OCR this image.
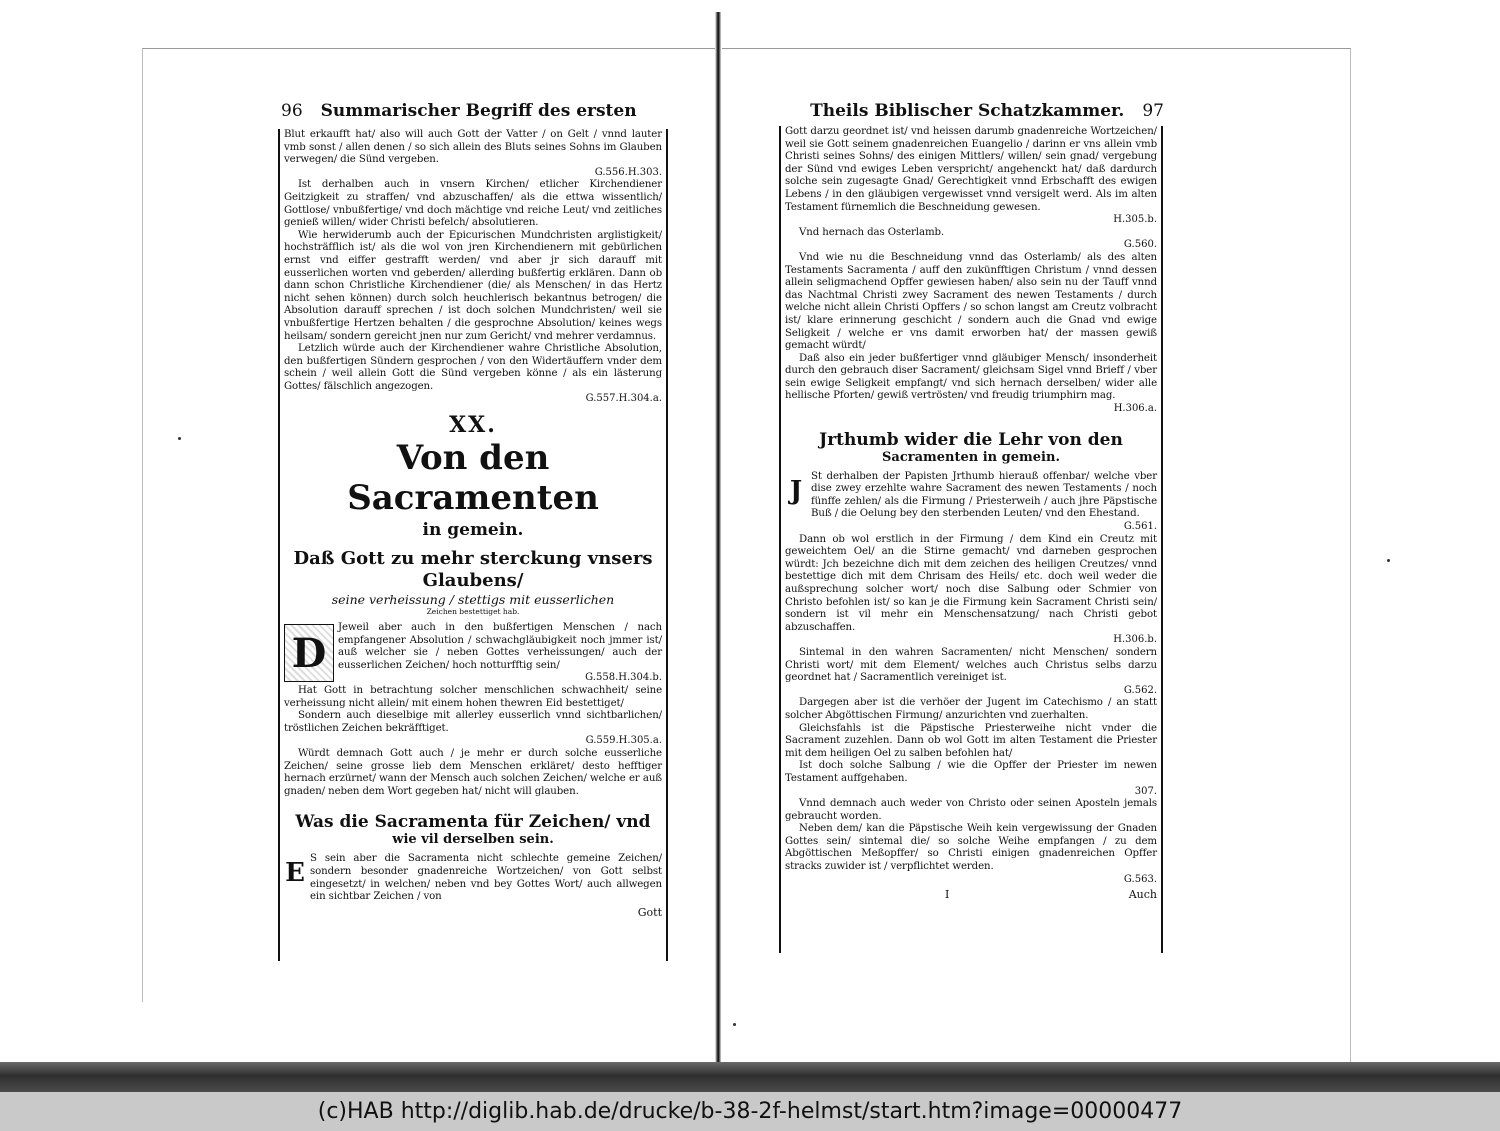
96 Summarischer Begriff des ersten

Blut erkaufft hat/ also will auch Gott der Vatter / on Gelt / vnnd lauter vmb sonst / allen denen / so sich allein des Bluts seines Sohns im Glauben verwegen/ die Sünd vergeben.

G.556.H.303.

Ist derhalben auch in vnsern Kirchen/ etlicher Kirchendiener Geitzigkeit zu straffen/ vnd abzuschaffen/ als die ettwa wissentlich/ Gottlose/ vnbußfertige/ vnd doch mächtige vnd reiche Leut/ vnd zeitliches genieß willen/ wider Christi befelch/ absolutieren.

Wie herwiderumb auch der Epicurischen Mundchristen arglistigkeit/ hochsträfflich ist/ als die wol von jren Kirchendienern mit gebürlichen ernst vnd eiffer gestrafft werden/ vnd aber jr sich darauff mit eusserlichen worten vnd geberden/ allerding bußfertig erklären. Dann ob dann schon Christliche Kirchendiener (die/ als Menschen/ in das Hertz nicht sehen können) durch solch heuchlerisch bekantnus betrogen/ die Absolution darauff sprechen / ist doch solchen Mundchristen/ weil sie vnbußfertige Hertzen behalten / die gesprochne Absolution/ keines wegs heilsam/ sondern gereicht jnen nur zum Gericht/ vnd mehrer verdamnus.

Letzlich würde auch der Kirchendiener wahre Christliche Absolution, den bußfertigen Sündern gesprochen / von den Widertäuffern vnder dem schein / weil allein Gott die Sünd vergeben könne / als ein lästerung Gottes/ fälschlich angezogen.

G.557.H.304.a.

XX.

Von den Sacramenten

in gemein.

Daß Gott zu mehr sterckung vnsers Glaubens/

seine verheissung / stettigs mit eusserlichen

Zeichen bestettiget hab.

D

Jeweil aber auch in den bußfertigen Menschen / nach empfangener Absolution / schwachgläubigkeit noch jmmer ist/ auß welcher sie / neben Gottes verheissungen/ auch der eusserlichen Zeichen/ hoch notturfftig sein/

G.558.H.304.b.

Hat Gott in betrachtung solcher menschlichen schwachheit/ seine verheissung nicht allein/ mit einem hohen thewren Eid bestettiget/

Sondern auch dieselbige mit allerley eusserlich vnnd sichtbarlichen/ tröstlichen Zeichen bekräfftiget.

G.559.H.305.a.

Würdt demnach Gott auch / je mehr er durch solche eusserliche Zeichen/ seine grosse lieb dem Menschen erkläret/ desto hefftiger hernach erzürnet/ wann der Mensch auch solchen Zeichen/ welche er auß gnaden/ neben dem Wort gegeben hat/ nicht will glauben.

Was die Sacramenta für Zeichen/ vnd

wie vil derselben sein.

E S sein aber die Sacramenta nicht schlechte gemeine Zeichen/ sondern besonder gnadenreiche Wortzeichen/ von Gott selbst eingesetzt/ in welchen/ neben vnd bey Gottes Wort/ auch allwegen ein sichtbar Zeichen / von

Gott
Theils Biblischer Schatzkammer. 97

Gott darzu geordnet ist/ vnd heissen darumb gnadenreiche Wortzeichen/ weil sie Gott seinem gnadenreichen Euangelio / darinn er vns allein vmb Christi seines Sohns/ des einigen Mittlers/ willen/ sein gnad/ vergebung der Sünd vnd ewiges Leben verspricht/ angehenckt hat/ daß dardurch solche sein zugesagte Gnad/ Gerechtigkeit vnnd Erbschafft des ewigen Lebens / in den gläubigen vergewisset vnnd versigelt werd. Als im alten Testament fürnemlich die Beschneidung gewesen.

H.305.b.

Vnd hernach das Osterlamb.

G.560.

Vnd wie nu die Beschneidung vnnd das Osterlamb/ als des alten Testaments Sacramenta / auff den zukünfftigen Christum / vnnd dessen allein seligmachend Opffer gewiesen haben/ also sein nu der Tauff vnnd das Nachtmal Christi zwey Sacrament des newen Testaments / durch welche nicht allein Christi Opffers / so schon langst am Creutz volbracht ist/ klare erinnerung geschicht / sondern auch die Gnad vnd ewige Seligkeit / welche er vns damit erworben hat/ der massen gewiß gemacht würdt/

Daß also ein jeder bußfertiger vnnd gläubiger Mensch/ insonderheit durch den gebrauch diser Sacrament/ gleichsam Sigel vnnd Brieff / vber sein ewige Seligkeit empfangt/ vnd sich hernach derselben/ wider alle hellische Pforten/ gewiß vertrösten/ vnd freudig triumphirn mag.

H.306.a.

Jrthumb wider die Lehr von den

Sacramenten in gemein.

J St derhalben der Papisten Jrthumb hierauß offenbar/ welche vber dise zwey erzehlte wahre Sacrament des newen Testaments / noch fünffe zehlen/ als die Firmung / Priesterweih / auch jhre Päpstische Buß / die Oelung bey den sterbenden Leuten/ vnd den Ehestand.

G.561.

Dann ob wol erstlich in der Firmung / dem Kind ein Creutz mit geweichtem Oel/ an die Stirne gemacht/ vnd darneben gesprochen würdt: Jch bezeichne dich mit dem zeichen des heiligen Creutzes/ vnnd bestettige dich mit dem Chrisam des Heils/ etc. doch weil weder die außsprechung solcher wort/ noch dise Salbung oder Schmier von Christo befohlen ist/ so kan je die Firmung kein Sacrament Christi sein/ sondern ist vil mehr ein Menschensatzung/ nach Christi gebot abzuschaffen.

H.306.b.

Sintemal in den wahren Sacramenten/ nicht Menschen/ sondern Christi wort/ mit dem Element/ welches auch Christus selbs darzu geordnet hat / Sacramentlich vereiniget ist.

G.562.

Dargegen aber ist die verhöer der Jugent im Catechismo / an statt solcher Abgöttischen Firmung/ anzurichten vnd zuerhalten.

Gleichsfahls ist die Päpstische Priesterweihe nicht vnder die Sacrament zuzehlen. Dann ob wol Gott im alten Testament die Priester mit dem heiligen Oel zu salben befohlen hat/

Ist doch solche Salbung / wie die Opffer der Priester im newen Testament auffgehaben.

307.

Vnnd demnach auch weder von Christo oder seinen Aposteln jemals gebraucht worden.

Neben dem/ kan die Päpstische Weih kein vergewissung der Gnaden Gottes sein/ sintemal die/ so solche Weihe empfangen / zu dem Abgöttischen Meßopffer/ so Christi einigen gnadenreichen Opffer stracks zuwider ist / verpflichtet werden.

G.563.

I	Auch
(c)HAB http://diglib.hab.de/drucke/b-38-2f-helmst/start.htm?image=00000477
